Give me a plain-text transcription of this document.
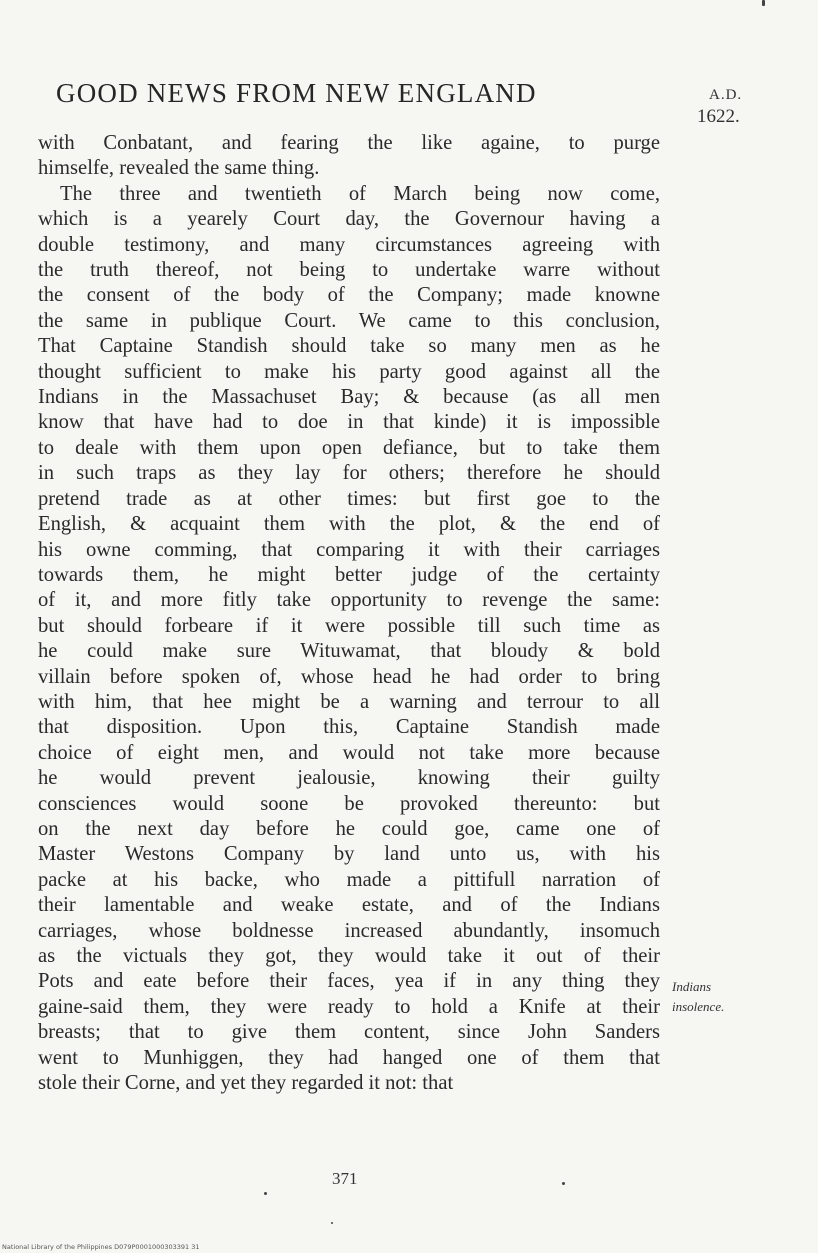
GOOD NEWS FROM NEW ENGLAND	A.D.
1622.
with Conbatant, and fearing the like againe, to purge
himselfe, revealed the same thing.
The three and twentieth of March being now come,
which is a yearely Court day, the Governour having a
double testimony, and many circumstances agreeing with
the truth thereof, not being to undertake warre without
the consent of the body of the Company; made knowne
the same in publique Court. We came to this conclusion,
That Captaine Standish should take so many men as he
thought sufficient to make his party good against all the
Indians in the Massachuset Bay; & because (as all men
know that have had to doe in that kinde) it is impossible
to deale with them upon open defiance, but to take them
in such traps as they lay for others; therefore he should
pretend trade as at other times: but first goe to the
English, & acquaint them with the plot, & the end of
his owne comming, that comparing it with their carriages
towards them, he might better judge of the certainty
of it, and more fitly take opportunity to revenge the same:
but should forbeare if it were possible till such time as
he could make sure Wituwamat, that bloudy & bold
villain before spoken of, whose head he had order to bring
with him, that hee might be a warning and terrour to all
that disposition. Upon this, Captaine Standish made
choice of eight men, and would not take more because
he would prevent jealousie, knowing their guilty
consciences would soone be provoked thereunto: but
on the next day before he could goe, came one of
Master Westons Company by land unto us, with his
packe at his backe, who made a pittifull narration of
their lamentable and weake estate, and of the Indians
carriages, whose boldnesse increased abundantly, insomuch
as the victuals they got, they would take it out of their
Pots and eate before their faces, yea if in any thing they
gaine-said them, they were ready to hold a Knife at their
breasts; that to give them content, since John Sanders
went to Munhiggen, they had hanged one of them that
stole their Corne, and yet they regarded it not: that
Indians
insolence.
371
National Library of the Philippines D079P0001000303391 31
